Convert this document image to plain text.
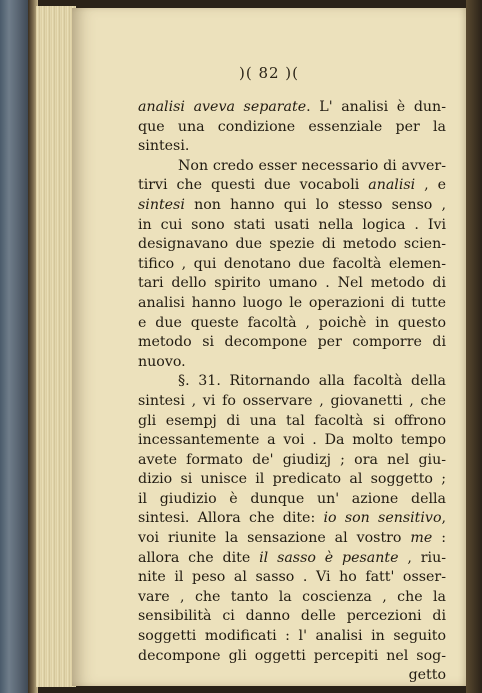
)( 82 )(
analisi aveva separate. L' analisi è dun-
que una condizione essenziale per la
sintesi.
Non credo esser necessario di avver-
tirvi che questi due vocaboli analisi , e
sintesi non hanno qui lo stesso senso ,
in cui sono stati usati nella logica . Ivi
designavano due spezie di metodo scien-
tifico , qui denotano due facoltà elemen-
tari dello spirito umano . Nel metodo di
analisi hanno luogo le operazioni di tutte
e due queste facoltà , poichè in questo
metodo si decompone per comporre di
nuovo.
§. 31. Ritornando alla facoltà della
sintesi , vi fo osservare , giovanetti , che
gli esempj di una tal facoltà si offrono
incessantemente a voi . Da molto tempo
avete formato de' giudizj ; ora nel giu-
dizio si unisce il predicato al soggetto ;
il giudizio è dunque un' azione della
sintesi. Allora che dite: io son sensitivo,
voi riunite la sensazione al vostro me :
allora che dite il sasso è pesante , riu-
nite il peso al sasso . Vi ho fatt' osser-
vare , che tanto la coscienza , che la
sensibilità ci danno delle percezioni di
soggetti modificati : l' analisi in seguito
decompone gli oggetti percepiti nel sog-
getto
